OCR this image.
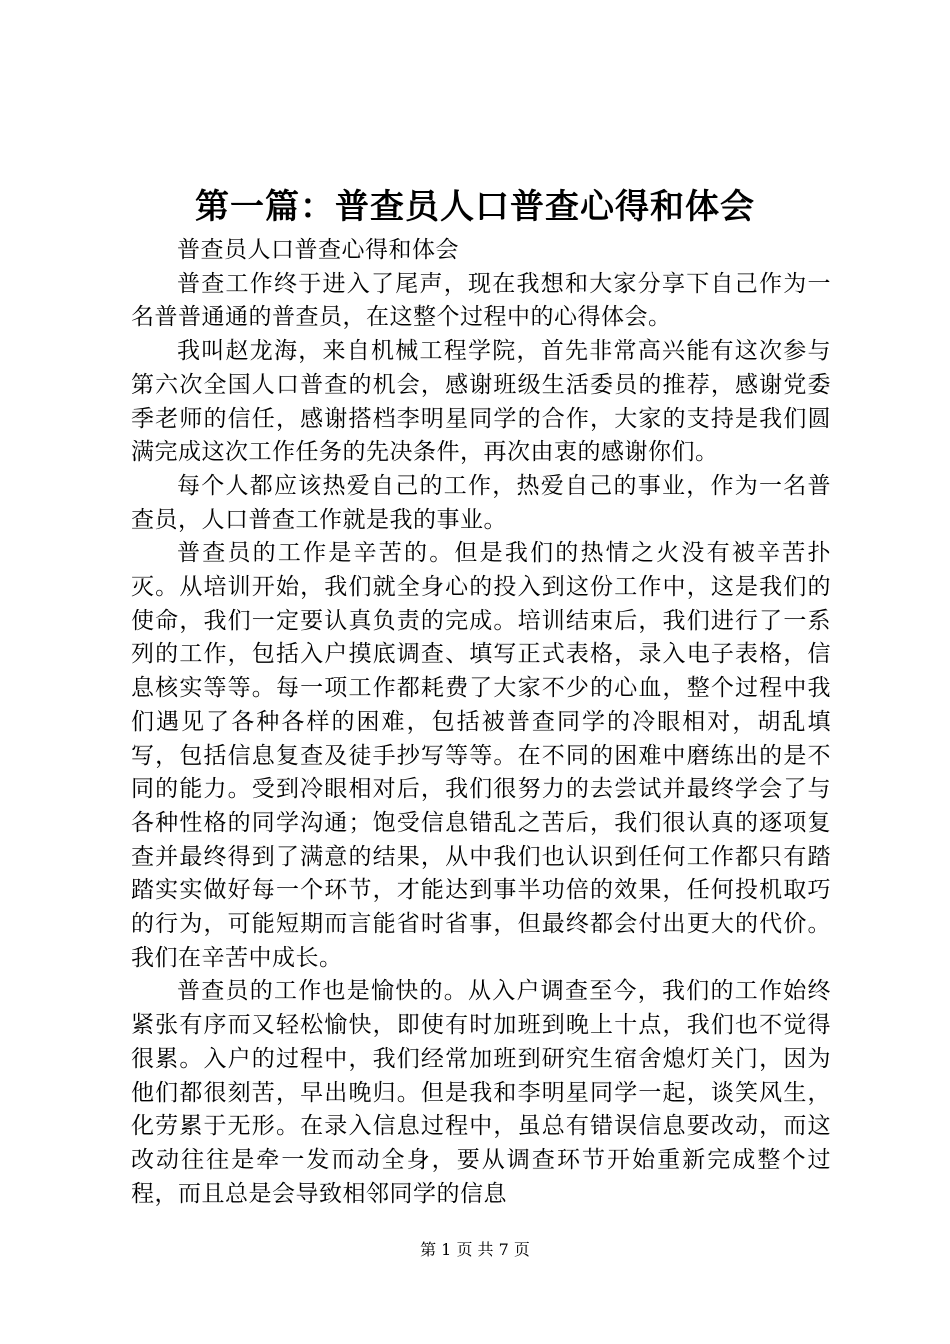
第一篇：普查员人口普查心得和体会

普查员人口普查心得和体会

普查工作终于进入了尾声，现在我想和大家分享下自己作为一名普普通通的普查员，在这整个过程中的心得体会。

我叫赵龙海，来自机械工程学院，首先非常高兴能有这次参与第六次全国人口普查的机会，感谢班级生活委员的推荐，感谢党委季老师的信任，感谢搭档李明星同学的合作，大家的支持是我们圆满完成这次工作任务的先决条件，再次由衷的感谢你们。

每个人都应该热爱自己的工作，热爱自己的事业，作为一名普查员，人口普查工作就是我的事业。

普查员的工作是辛苦的。但是我们的热情之火没有被辛苦扑灭。从培训开始，我们就全身心的投入到这份工作中，这是我们的使命，我们一定要认真负责的完成。培训结束后，我们进行了一系列的工作，包括入户摸底调查、填写正式表格，录入电子表格，信息核实等等。每一项工作都耗费了大家不少的心血，整个过程中我们遇见了各种各样的困难，包括被普查同学的冷眼相对，胡乱填写，包括信息复查及徒手抄写等等。在不同的困难中磨练出的是不同的能力。受到冷眼相对后，我们很努力的去尝试并最终学会了与各种性格的同学沟通；饱受信息错乱之苦后，我们很认真的逐项复查并最终得到了满意的结果，从中我们也认识到任何工作都只有踏踏实实做好每一个环节，才能达到事半功倍的效果，任何投机取巧的行为，可能短期而言能省时省事，但最终都会付出更大的代价。我们在辛苦中成长。

普查员的工作也是愉快的。从入户调查至今，我们的工作始终紧张有序而又轻松愉快，即使有时加班到晚上十点，我们也不觉得很累。入户的过程中，我们经常加班到研究生宿舍熄灯关门，因为他们都很刻苦，早出晚归。但是我和李明星同学一起，谈笑风生，化劳累于无形。在录入信息过程中，虽总有错误信息要改动，而这改动往往是牵一发而动全身，要从调查环节开始重新完成整个过程，而且总是会导致相邻同学的信息

第 1 页 共 7 页
